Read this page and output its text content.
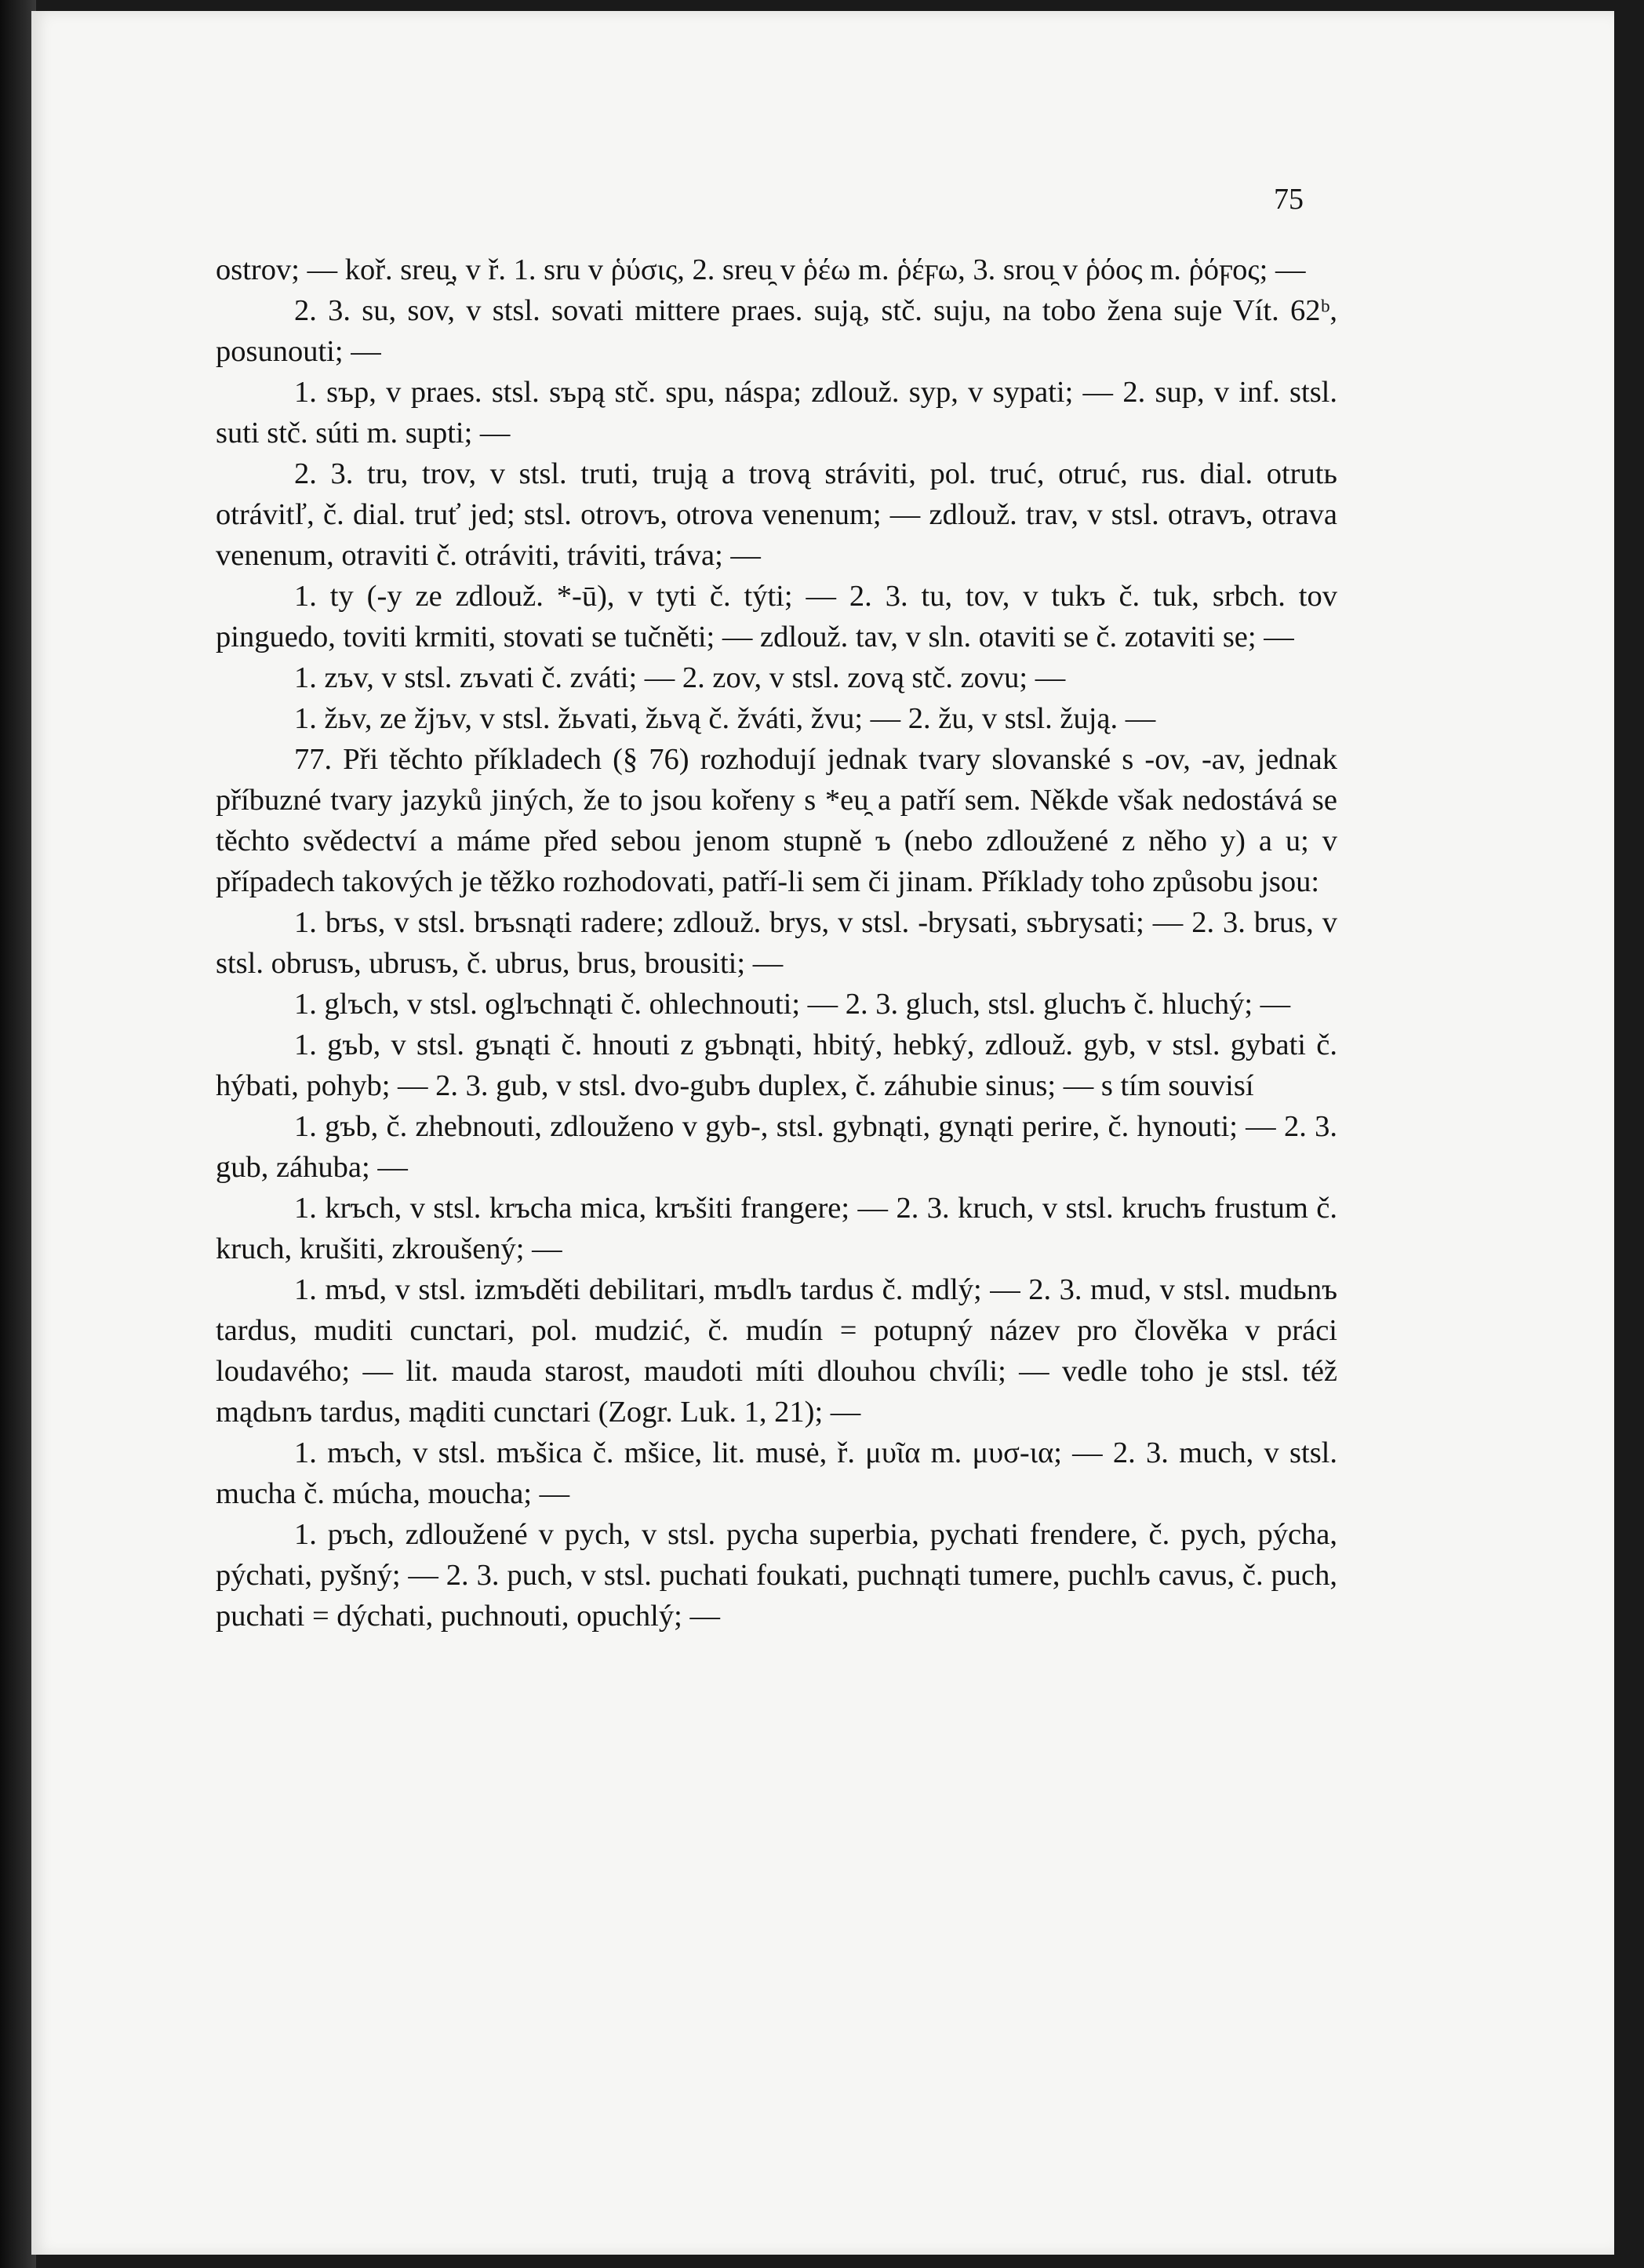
75

ostrov; — koř. sreu̯, v ř. 1. sru v ῥύσις, 2. sreu̯ v ῥέω m. ῥέϝω, 3. srou̯ v ῥόος m. ῥόϝος; —

2. 3. su, sov, v stsl. sovati mittere praes. sują, stč. suju, na tobo žena suje Vít. 62ᵇ, posunouti; —

1. sъp, v praes. stsl. sъpą stč. spu, náspa; zdlouž. syp, v sypati; — 2. sup, v inf. stsl. suti stč. súti m. supti; —

2. 3. tru, trov, v stsl. truti, trują a trovą stráviti, pol. truć, otruć, rus. dial. otrutь otrávitľ, č. dial. truť jed; stsl. otrovъ, otrova venenum; — zdlouž. trav, v stsl. otravъ, otrava venenum, otraviti č. otráviti, tráviti, tráva; —

1. ty (-y ze zdlouž. *-ū), v tyti č. týti; — 2. 3. tu, tov, v tukъ č. tuk, srbch. tov pinguedo, toviti krmiti, stovati se tučněti; — zdlouž. tav, v sln. otaviti se č. zotaviti se; —

1. zъv, v stsl. zъvati č. zváti; — 2. zov, v stsl. zovą stč. zovu; —

1. žьv, ze žjъv, v stsl. žьvati, žьvą č. žváti, žvu; — 2. žu, v stsl. žują. —

77. Při těchto příkladech (§ 76) rozhodují jednak tvary slovanské s -ov, -av, jednak příbuzné tvary jazyků jiných, že to jsou kořeny s *eu̯ a patří sem. Někde však nedostává se těchto svědectví a máme před sebou jenom stupně ъ (nebo zdloužené z něho y) a u; v případech takových je těžko rozhodovati, patří-li sem či jinam. Příklady toho způsobu jsou:

1. brъs, v stsl. brъsnąti radere; zdlouž. brys, v stsl. -brysati, sъbrysati; — 2. 3. brus, v stsl. obrusъ, ubrusъ, č. ubrus, brus, brousiti; —

1. glъch, v stsl. oglъchnąti č. ohlechnouti; — 2. 3. gluch, stsl. gluchъ č. hluchý; —

1. gъb, v stsl. gъnąti č. hnouti z gъbnąti, hbitý, hebký, zdlouž. gyb, v stsl. gybati č. hýbati, pohyb; — 2. 3. gub, v stsl. dvo-gubъ duplex, č. záhubie sinus; — s tím souvisí

1. gъb, č. zhebnouti, zdlouženo v gyb-, stsl. gybnąti, gynąti perire, č. hynouti; — 2. 3. gub, záhuba; —

1. krъch, v stsl. krъcha mica, krъšiti frangere; — 2. 3. kruch, v stsl. kruchъ frustum č. kruch, krušiti, zkroušený; —

1. mъd, v stsl. izmъděti debilitari, mъdlъ tardus č. mdlý; — 2. 3. mud, v stsl. mudьnъ tardus, muditi cunctari, pol. mudzić, č. mudín = potupný název pro člověka v práci loudavého; — lit. mauda starost, maudoti míti dlouhou chvíli; — vedle toho je stsl. též mądьnъ tardus, mąditi cunctari (Zogr. Luk. 1, 21); —

1. mъch, v stsl. mъšica č. mšice, lit. musė, ř. μυῖα m. μυσ-ια; — 2. 3. much, v stsl. mucha č. múcha, moucha; —

1. pъch, zdloužené v pych, v stsl. pycha superbia, pychati frendere, č. pych, pýcha, pýchati, pyšný; — 2. 3. puch, v stsl. puchati foukati, puchnąti tumere, puchlъ cavus, č. puch, puchati = dýchati, puchnouti, opuchlý; —
